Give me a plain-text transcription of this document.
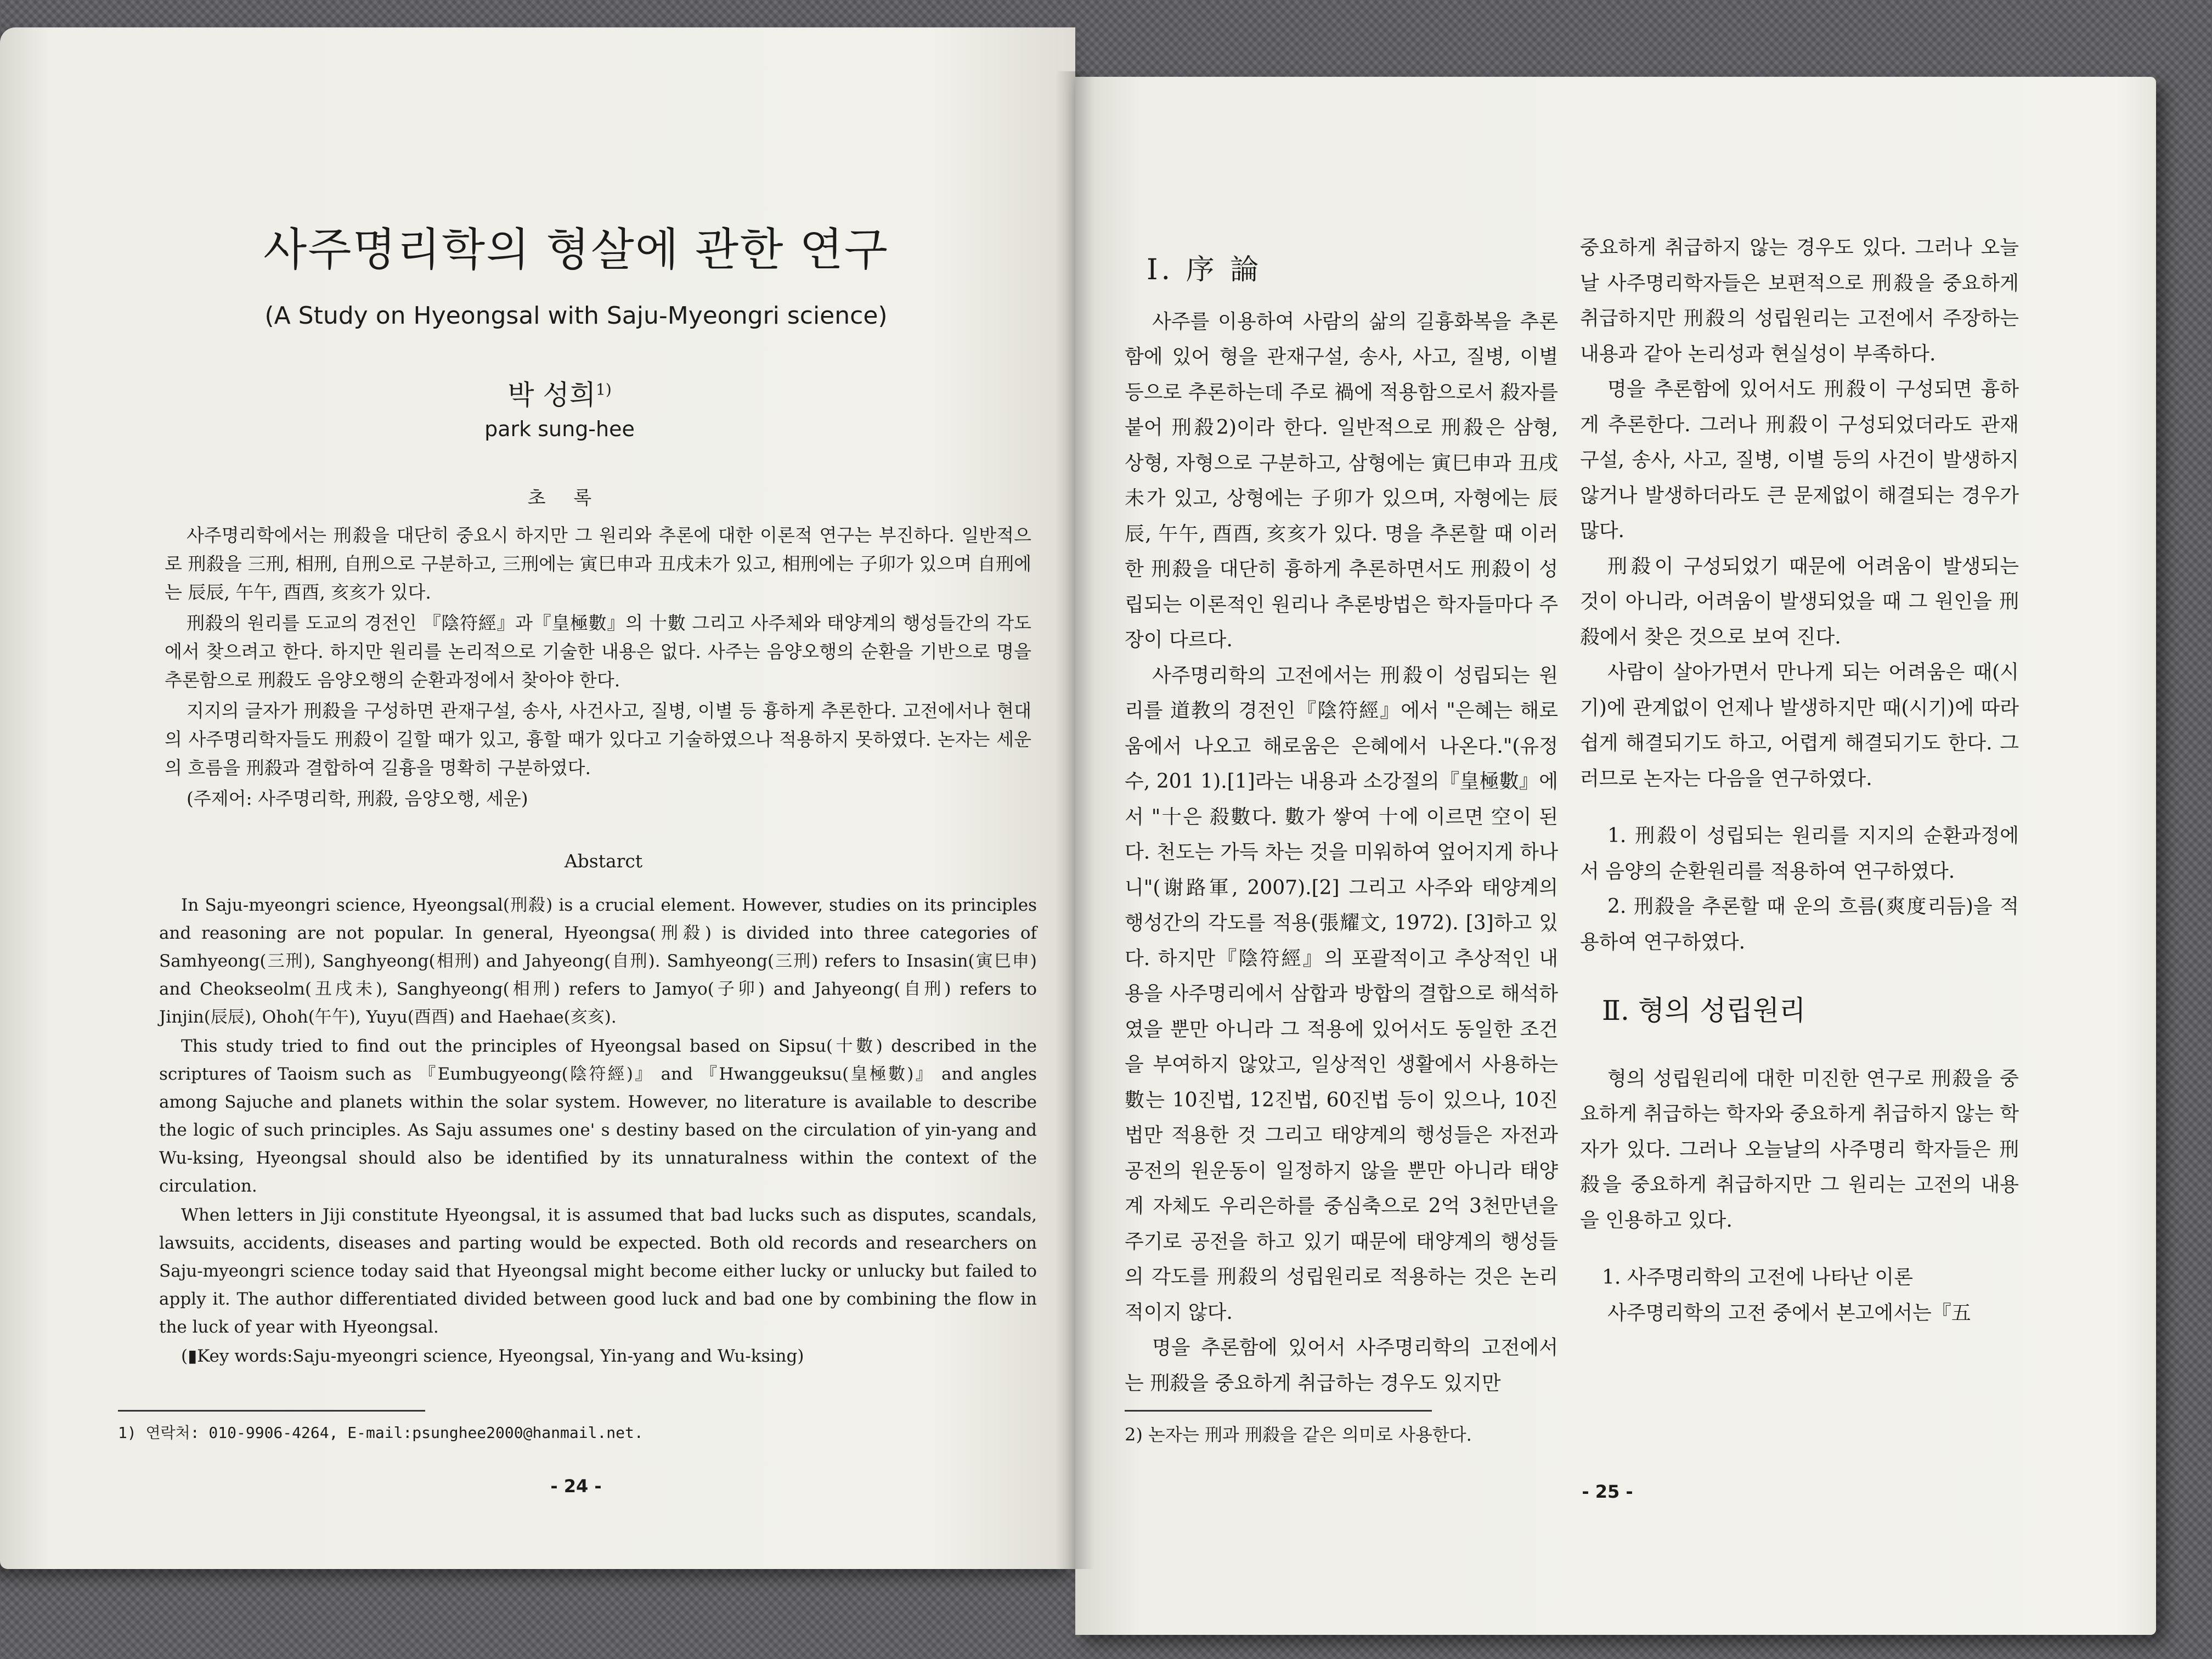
사주명리학의 형살에 관한 연구
(A Study on Hyeongsal with Saju-Myeongri science)
박 성희$^{1)}$
park sung-hee
초 록

사주명리학에서는 刑殺을 대단히 중요시 하지만 그 원리와 추론에 대한 이론적 연구는 부진하다. 일반적으로 刑殺을 三刑, 相刑, 自刑으로 구분하고, 三刑에는 寅巳申과 丑戌未가 있고, 相刑에는 子卯가 있으며 自刑에는 辰辰, 午午, 酉酉, 亥亥가 있다.

刑殺의 원리를 도교의 경전인 『陰符經』과『皇極數』의 十數 그리고 사주체와 태양계의 행성들간의 각도에서 찾으려고 한다. 하지만 원리를 논리적으로 기술한 내용은 없다. 사주는 음양오행의 순환을 기반으로 명을 추론함으로 刑殺도 음양오행의 순환과정에서 찾아야 한다.

지지의 글자가 刑殺을 구성하면 관재구설, 송사, 사건사고, 질병, 이별 등 흉하게 추론한다. 고전에서나 현대의 사주명리학자들도 刑殺이 길할 때가 있고, 흉할 때가 있다고 기술하였으나 적용하지 못하였다. 논자는 세운의 흐름을 刑殺과 결합하여 길흉을 명확히 구분하였다.

(주제어: 사주명리학, 刑殺, 음양오행, 세운)

Abstarct

In Saju-myeongri science, Hyeongsal(刑殺) is a crucial element. However, studies on its principles and reasoning are not popular. In general, Hyeongsa(刑殺) is divided into three categories of Samhyeong(三刑), Sanghyeong(相刑) and Jahyeong(自刑). Samhyeong(三刑) refers to Insasin(寅巳申) and Cheokseolm(丑戌未), Sanghyeong(相刑) refers to Jamyo(子卯) and Jahyeong(自刑) refers to Jinjin(辰辰), Ohoh(午午), Yuyu(酉酉) and Haehae(亥亥).

This study tried to find out the principles of Hyeongsal based on Sipsu(十數) described in the scriptures of Taoism such as 『Eumbugyeong(陰符經)』 and 『Hwanggeuksu(皇極數)』 and angles among Sajuche and planets within the solar system. However, no literature is available to describe the logic of such principles. As Saju assumes one' s destiny based on the circulation of yin-yang and Wu-ksing, Hyeongsal should also be identified by its unnaturalness within the context of the circulation.

When letters in Jiji constitute Hyeongsal, it is assumed that bad lucks such as disputes, scandals, lawsuits, accidents, diseases and parting would be expected. Both old records and researchers on Saju-myeongri science today said that Hyeongsal might become either lucky or unlucky but failed to apply it. The author differentiated divided between good luck and bad one by combining the flow in the luck of year with Hyeongsal.

(▮Key words:Saju-myeongri science, Hyeongsal, Yin-yang and Wu-ksing)

1) 연락처: 010-9906-4264, E-mail:psunghee2000@hanmail.net.
- 24 -
Ⅰ. 序 論

사주를 이용하여 사람의 삶의 길흉화복을 추론함에 있어 형을 관재구설, 송사, 사고, 질병, 이별 등으로 추론하는데 주로 禍에 적용함으로서 殺자를 붙어 刑殺2)이라 한다. 일반적으로 刑殺은 삼형, 상형, 자형으로 구분하고, 삼형에는 寅巳申과 丑戌未가 있고, 상형에는 子卯가 있으며, 자형에는 辰辰, 午午, 酉酉, 亥亥가 있다. 명을 추론할 때 이러한 刑殺을 대단히 흉하게 추론하면서도 刑殺이 성립되는 이론적인 원리나 추론방법은 학자들마다 주장이 다르다.

사주명리학의 고전에서는 刑殺이 성립되는 원리를 道教의 경전인『陰符經』에서 "은혜는 해로움에서 나오고 해로움은 은혜에서 나온다."(유정수, 201 1).[1]라는 내용과 소강절의『皇極數』에서 "十은 殺數다. 數가 쌓여 十에 이르면 空이 된다. 천도는 가득 차는 것을 미워하여 엎어지게 하나니"(谢路軍, 2007).[2] 그리고 사주와 태양계의 행성간의 각도를 적용(張耀文, 1972). [3]하고 있다. 하지만『陰符經』의 포괄적이고 추상적인 내용을 사주명리에서 삼합과 방합의 결합으로 해석하였을 뿐만 아니라 그 적용에 있어서도 동일한 조건을 부여하지 않았고, 일상적인 생활에서 사용하는 數는 10진법, 12진법, 60진법 등이 있으나, 10진법만 적용한 것 그리고 태양계의 행성들은 자전과 공전의 원운동이 일정하지 않을 뿐만 아니라 태양계 자체도 우리은하를 중심축으로 2억 3천만년을 주기로 공전을 하고 있기 때문에 태양계의 행성들의 각도를 刑殺의 성립원리로 적용하는 것은 논리적이지 않다.

명을 추론함에 있어서 사주명리학의 고전에서는 刑殺을 중요하게 취급하는 경우도 있지만

2) 논자는 刑과 刑殺을 같은 의미로 사용한다.

중요하게 취급하지 않는 경우도 있다. 그러나 오늘날 사주명리학자들은 보편적으로 刑殺을 중요하게 취급하지만 刑殺의 성립원리는 고전에서 주장하는 내용과 같아 논리성과 현실성이 부족하다.

명을 추론함에 있어서도 刑殺이 구성되면 흉하게 추론한다. 그러나 刑殺이 구성되었더라도 관재구설, 송사, 사고, 질병, 이별 등의 사건이 발생하지 않거나 발생하더라도 큰 문제없이 해결되는 경우가 많다.

刑殺이 구성되었기 때문에 어려움이 발생되는 것이 아니라, 어려움이 발생되었을 때 그 원인을 刑殺에서 찾은 것으로 보여 진다.

사람이 살아가면서 만나게 되는 어려움은 때(시기)에 관계없이 언제나 발생하지만 때(시기)에 따라 쉽게 해결되기도 하고, 어렵게 해결되기도 한다. 그러므로 논자는 다음을 연구하였다.

1. 刑殺이 성립되는 원리를 지지의 순환과정에서 음양의 순환원리를 적용하여 연구하였다.

2. 刑殺을 추론할 때 운의 흐름(爽度리듬)을 적용하여 연구하였다.

Ⅱ. 형의 성립원리

형의 성립원리에 대한 미진한 연구로 刑殺을 중요하게 취급하는 학자와 중요하게 취급하지 않는 학자가 있다. 그러나 오늘날의 사주명리 학자들은 刑殺을 중요하게 취급하지만 그 원리는 고전의 내용을 인용하고 있다.

1. 사주명리학의 고전에 나타난 이론

사주명리학의 고전 중에서 본고에서는『五

- 25 -
